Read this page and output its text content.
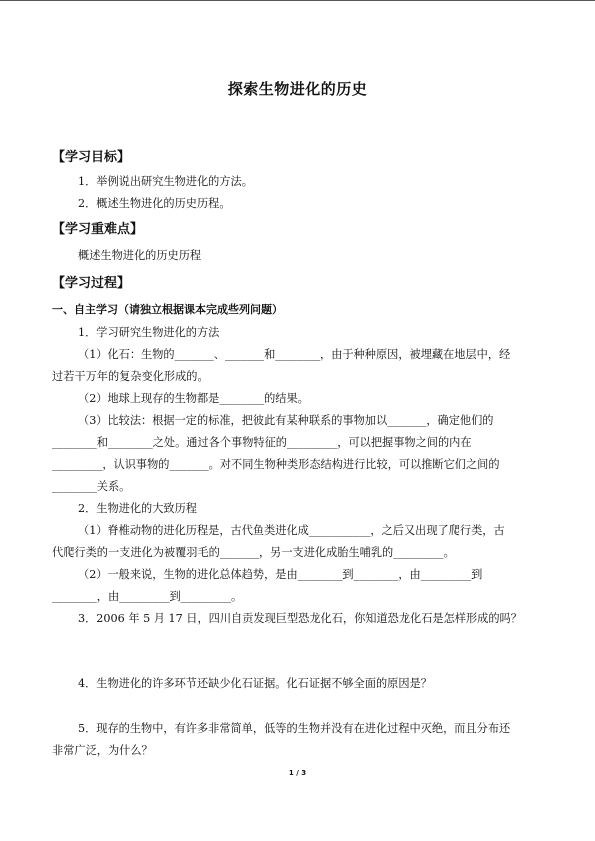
探索生物进化的历史
【学习目标】
1．举例说出研究生物进化的方法。
2．概述生物进化的历史历程。
【学习重难点】
概述生物进化的历史历程
【学习过程】
一、自主学习（请独立根据课本完成些列问题）
1．学习研究生物进化的方法
（1）化石：生物的_______、_______和________，由于种种原因，被埋藏在地层中，经
过若干万年的复杂变化形成的。
（2）地球上现存的生物都是________的结果。
（3）比较法：根据一定的标准，把彼此有某种联系的事物加以_______，确定他们的
________和________之处。通过各个事物特征的_________，可以把握事物之间的内在
_________，认识事物的_______。对不同生物种类形态结构进行比较，可以推断它们之间的
________关系。
2．生物进化的大致历程
（1）脊椎动物的进化历程是，古代鱼类进化成___________，之后又出现了爬行类，古
代爬行类的一支进化为被覆羽毛的_______，另一支进化成胎生哺乳的_________。
（2）一般来说，生物的进化总体趋势，是由________到________，由_________到
________，由_________到_________。
3．2006 年 5 月 17 日，四川自贡发现巨型恐龙化石，你知道恐龙化石是怎样形成的吗？
4．生物进化的许多环节还缺少化石证据。化石证据不够全面的原因是？
5．现存的生物中，有许多非常简单，低等的生物并没有在进化过程中灭绝，而且分布还
非常广泛，为什么？
1 / 3
